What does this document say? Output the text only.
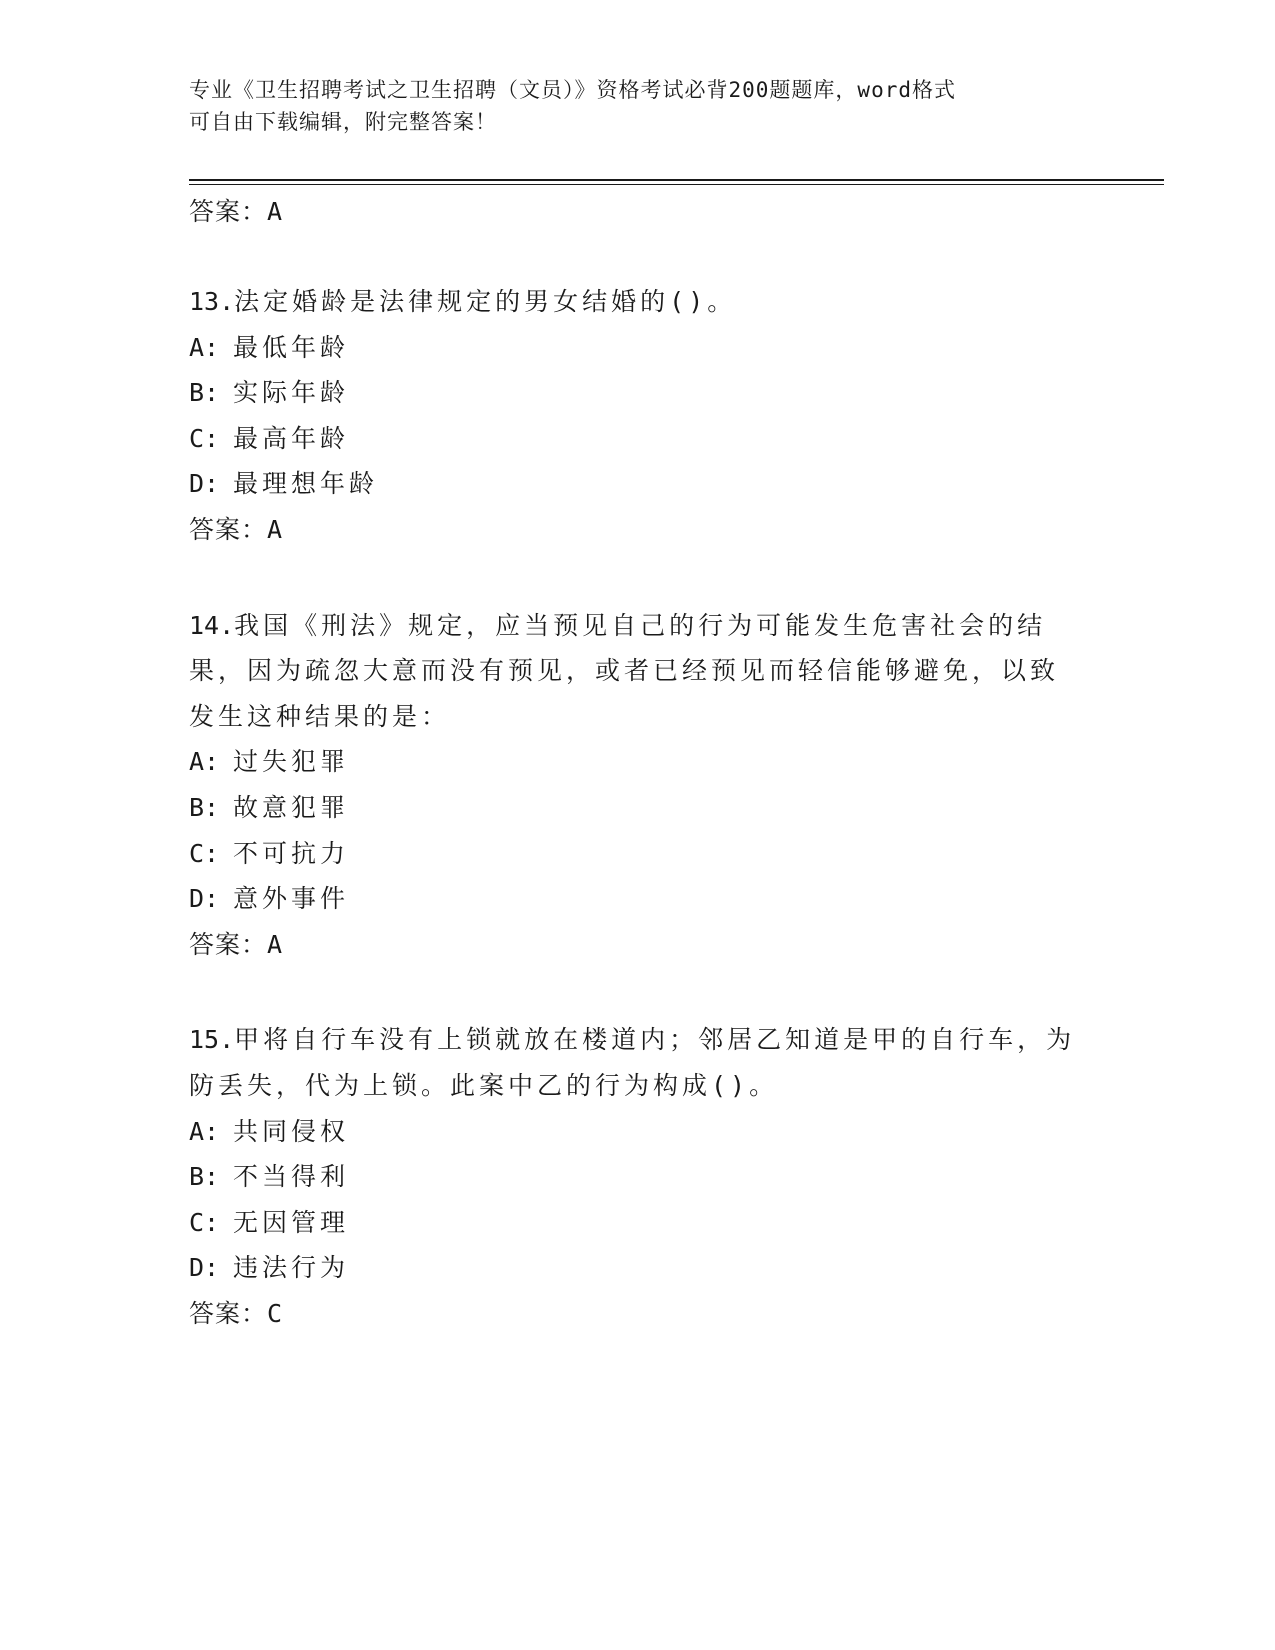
专业《卫生招聘考试之卫生招聘（文员）》资格考试必背200题题库，word格式
可自由下载编辑，附完整答案！
答案：A
13.法定婚龄是法律规定的男女结婚的()。
A: 最低年龄
B: 实际年龄
C: 最高年龄
D: 最理想年龄
答案：A
14.我国《刑法》规定，应当预见自己的行为可能发生危害社会的结果，因为疏忽大意而没有预见，或者已经预见而轻信能够避免，以致发生这种结果的是：
A: 过失犯罪
B: 故意犯罪
C: 不可抗力
D: 意外事件
答案：A
15.甲将自行车没有上锁就放在楼道内；邻居乙知道是甲的自行车，为防丢失，代为上锁。此案中乙的行为构成()。
A: 共同侵权
B: 不当得利
C: 无因管理
D: 违法行为
答案：C
